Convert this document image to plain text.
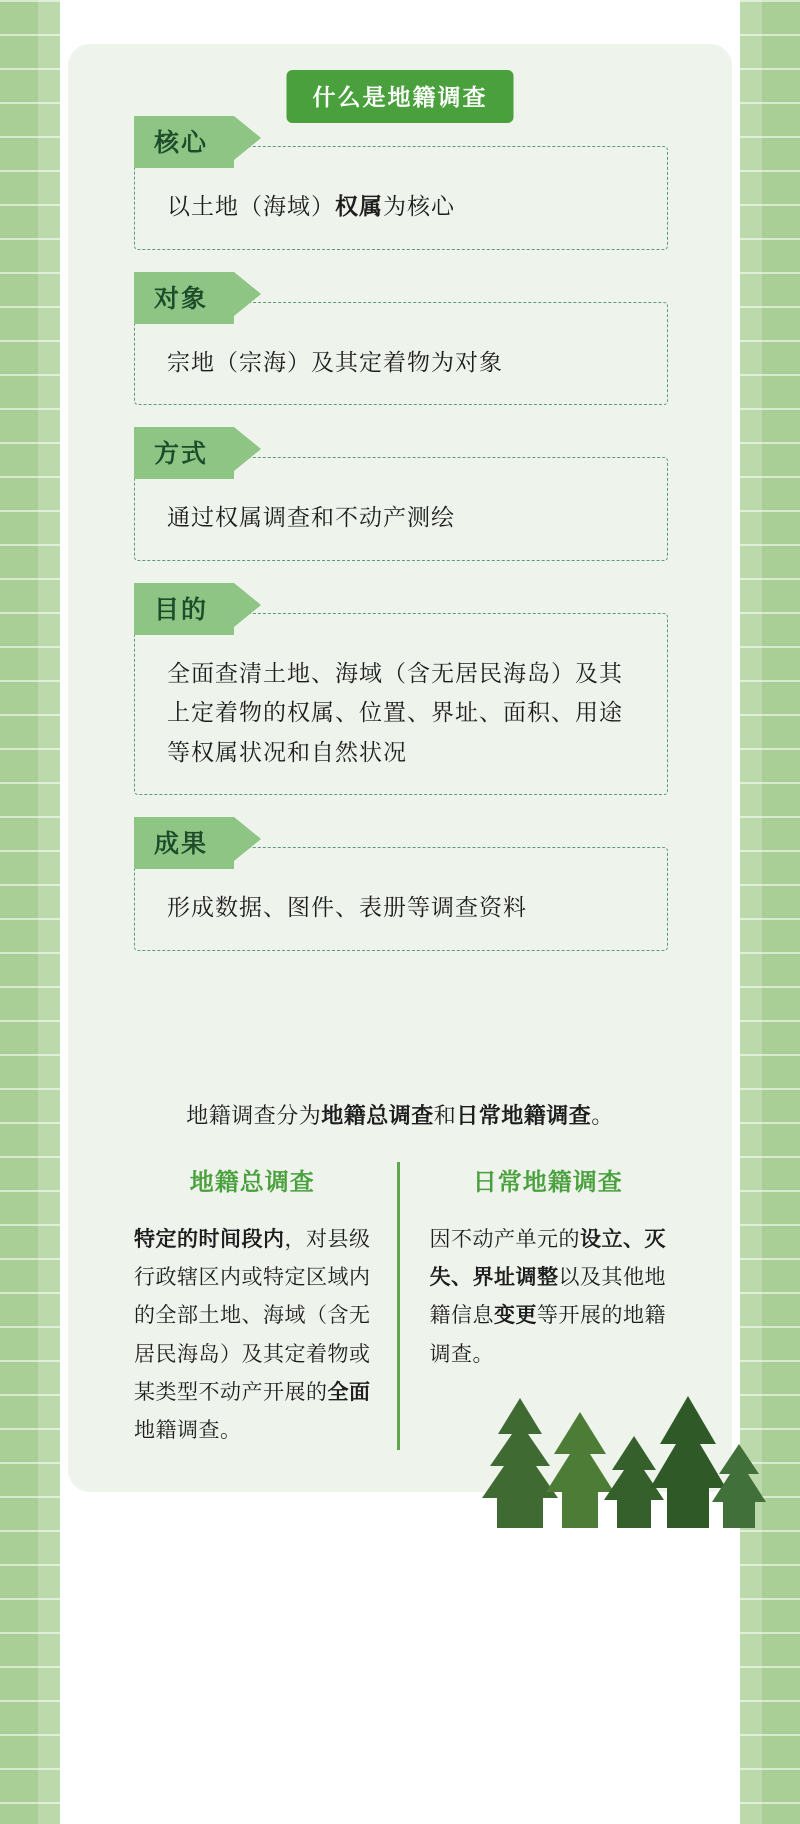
什么是地籍调查
核心
以土地（海域）权属为核心
对象
宗地（宗海）及其定着物为对象
方式
通过权属调查和不动产测绘
目的
全面查清土地、海域（含无居民海岛）及其上定着物的权属、位置、界址、面积、用途等权属状况和自然状况
成果
形成数据、图件、表册等调查资料
地籍调查分为地籍总调查和日常地籍调查。
地籍总调查
特定的时间段内，对县级行政辖区内或特定区域内的全部土地、海域（含无居民海岛）及其定着物或某类型不动产开展的全面地籍调查。
日常地籍调查
因不动产单元的设立、灭失、界址调整以及其他地籍信息变更等开展的地籍调查。
